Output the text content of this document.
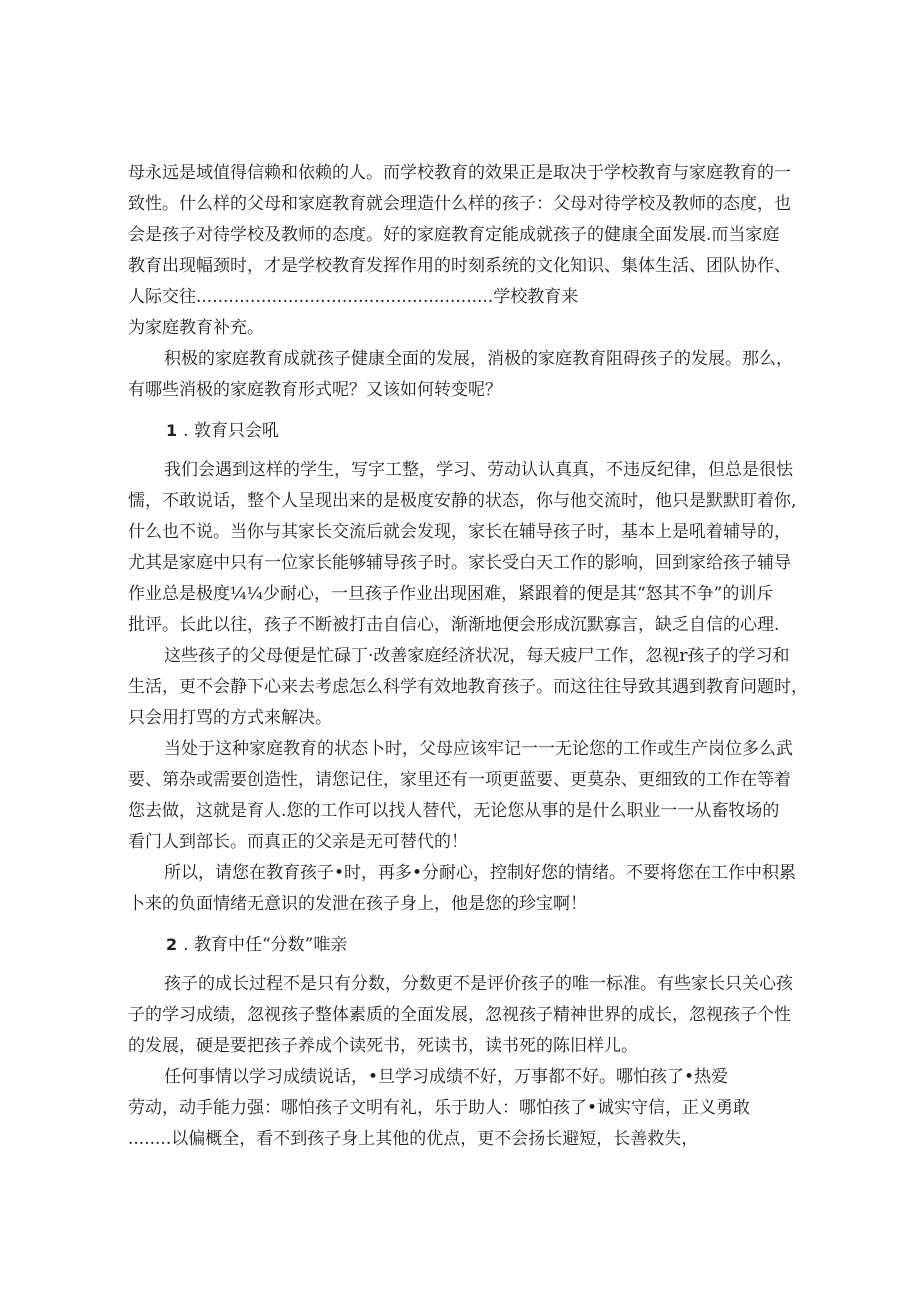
母永远是域值得信赖和依赖的人。而学校教育的效果正是取决于学校教育与家庭教育的一
致性。什么样的父母和家庭教育就会理造什么样的孩子：父母对待学校及教师的态度，也
会是孩子对待学校及教师的态度。好的家庭教育定能成就孩子的健康全面发展.而当家庭
教育出现幅颈时，才是学校教育发挥作用的时刻系统的文化知识、集体生活、团队协作、
人际交往.......................................................学校教育来
为家庭教育补充。
积极的家庭教育成就孩子健康全面的发展，消极的家庭教育阻碍孩子的发展。那么，
有哪些消极的家庭教育形式呢？又该如何转变呢？
1 . 敦育只会吼
我们会遇到这样的学生，写字工整，学习、劳动认认真真，不违反纪律，但总是很怯
懦，不敢说话，整个人呈现出来的是极度安静的状态，你与他交流时，他只是默默盯着你,
什么也不说。当你与其家长交流后就会发现，家长在辅导孩子时，基本上是吼着辅导的，
尤其是家庭中只有一位家长能够辅导孩子时。家长受白天工作的影响，回到家给孩子辅导
作业总是极度¼¼少耐心，一旦孩子作业出现困难，紧跟着的便是其“怒其不争”的训斥
批评。长此以往，孩子不断被打击自信心，渐渐地便会形成沉默寡言，缺乏自信的心理.
这些孩子的父母便是忙碌丁·改善家庭经济状况，每天疲尸工作，忽视r孩子的学习和
生活，更不会静下心来去考虑怎么科学有效地教育孩子。而这往往导致其遇到教育问题时，
只会用打骂的方式来解决。
当处于这种家庭教育的状态卜时，父母应该牢记一一无论您的工作或生产岗位多么武
要、第杂或需要创造性，请您记住，家里还有一项更蓝要、更莫杂、更细致的工作在等着
您去做，这就是育人.您的工作可以找人替代，无论您从事的是什么职业一一从畜牧场的
看门人到部长。而真正的父亲是无可替代的！
所以，请您在教育孩子•时，再多•分耐心，控制好您的情绪。不要将您在工作中积累
卜来的负面情绪无意识的发泄在孩子身上，他是您的珍宝啊！
2 . 教育中任“分数”唯亲
孩子的成长过程不是只有分数，分数更不是评价孩子的唯一标准。有些家长只关心孩
子的学习成绩，忽视孩子整体素质的全面发展，忽视孩子精神世界的成长，忽视孩子个性
的发展，硬是要把孩子养成个读死书，死读书，读书死的陈旧样儿。
任何事情以学习成绩说话，•旦学习成绩不好，万事都不好。哪怕孩了•热爱
劳动，动手能力强：哪怕孩子文明有礼，乐于助人：哪怕孩了•诚实守信，正义勇敢
........以偏概全，看不到孩子身上其他的优点，更不会扬长避短，长善救失，
